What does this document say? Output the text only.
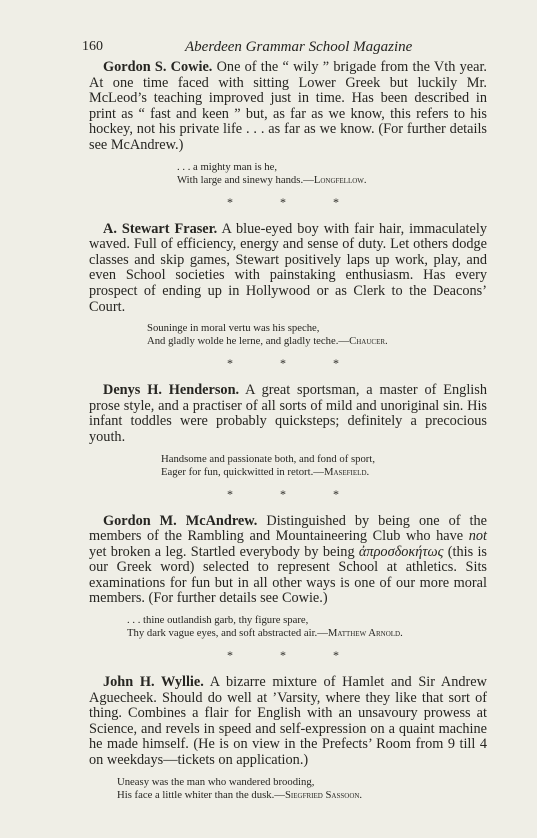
160	Aberdeen Grammar School Magazine

Gordon S. Cowie. One of the “ wily ” brigade from the Vth year. At one time faced with sitting Lower Greek but luckily Mr. McLeod’s teaching improved just in time. Has been described in print as “ fast and keen ” but, as far as we know, this refers to his hockey, not his private life . . . as far as we know. (For further details see McAndrew.)

. . . a mighty man is he,
With large and sinewy hands.—Longfellow.
* * *

A. Stewart Fraser. A blue-eyed boy with fair hair, immaculately waved. Full of efficiency, energy and sense of duty. Let others dodge classes and skip games, Stewart positively laps up work, play, and even School societies with painstaking enthusiasm. Has every prospect of ending up in Hollywood or as Clerk to the Deacons’ Court.

Souninge in moral vertu was his speche,
And gladly wolde he lerne, and gladly teche.—Chaucer.
* * *

Denys H. Henderson. A great sportsman, a master of English prose style, and a practiser of all sorts of mild and unoriginal sin. His infant toddles were probably quicksteps; definitely a precocious youth.

Handsome and passionate both, and fond of sport,
Eager for fun, quickwitted in retort.—Masefield.
* * *

Gordon M. McAndrew. Distinguished by being one of the members of the Rambling and Mountaineering Club who have not yet broken a leg. Startled everybody by being ἀπροσδοκήτως (this is our Greek word) selected to represent School at athletics. Sits examinations for fun but in all other ways is one of our more moral members. (For further details see Cowie.)

. . . thine outlandish garb, thy figure spare,
Thy dark vague eyes, and soft abstracted air.—Matthew Arnold.
* * *

John H. Wyllie. A bizarre mixture of Hamlet and Sir Andrew Aguecheek. Should do well at ’Varsity, where they like that sort of thing. Combines a flair for English with an unsavoury prowess at Science, and revels in speed and self-expression on a quaint machine he made himself. (He is on view in the Prefects’ Room from 9 till 4 on weekdays—tickets on application.)

Uneasy was the man who wandered brooding,
His face a little whiter than the dusk.—Siegfried Sassoon.
